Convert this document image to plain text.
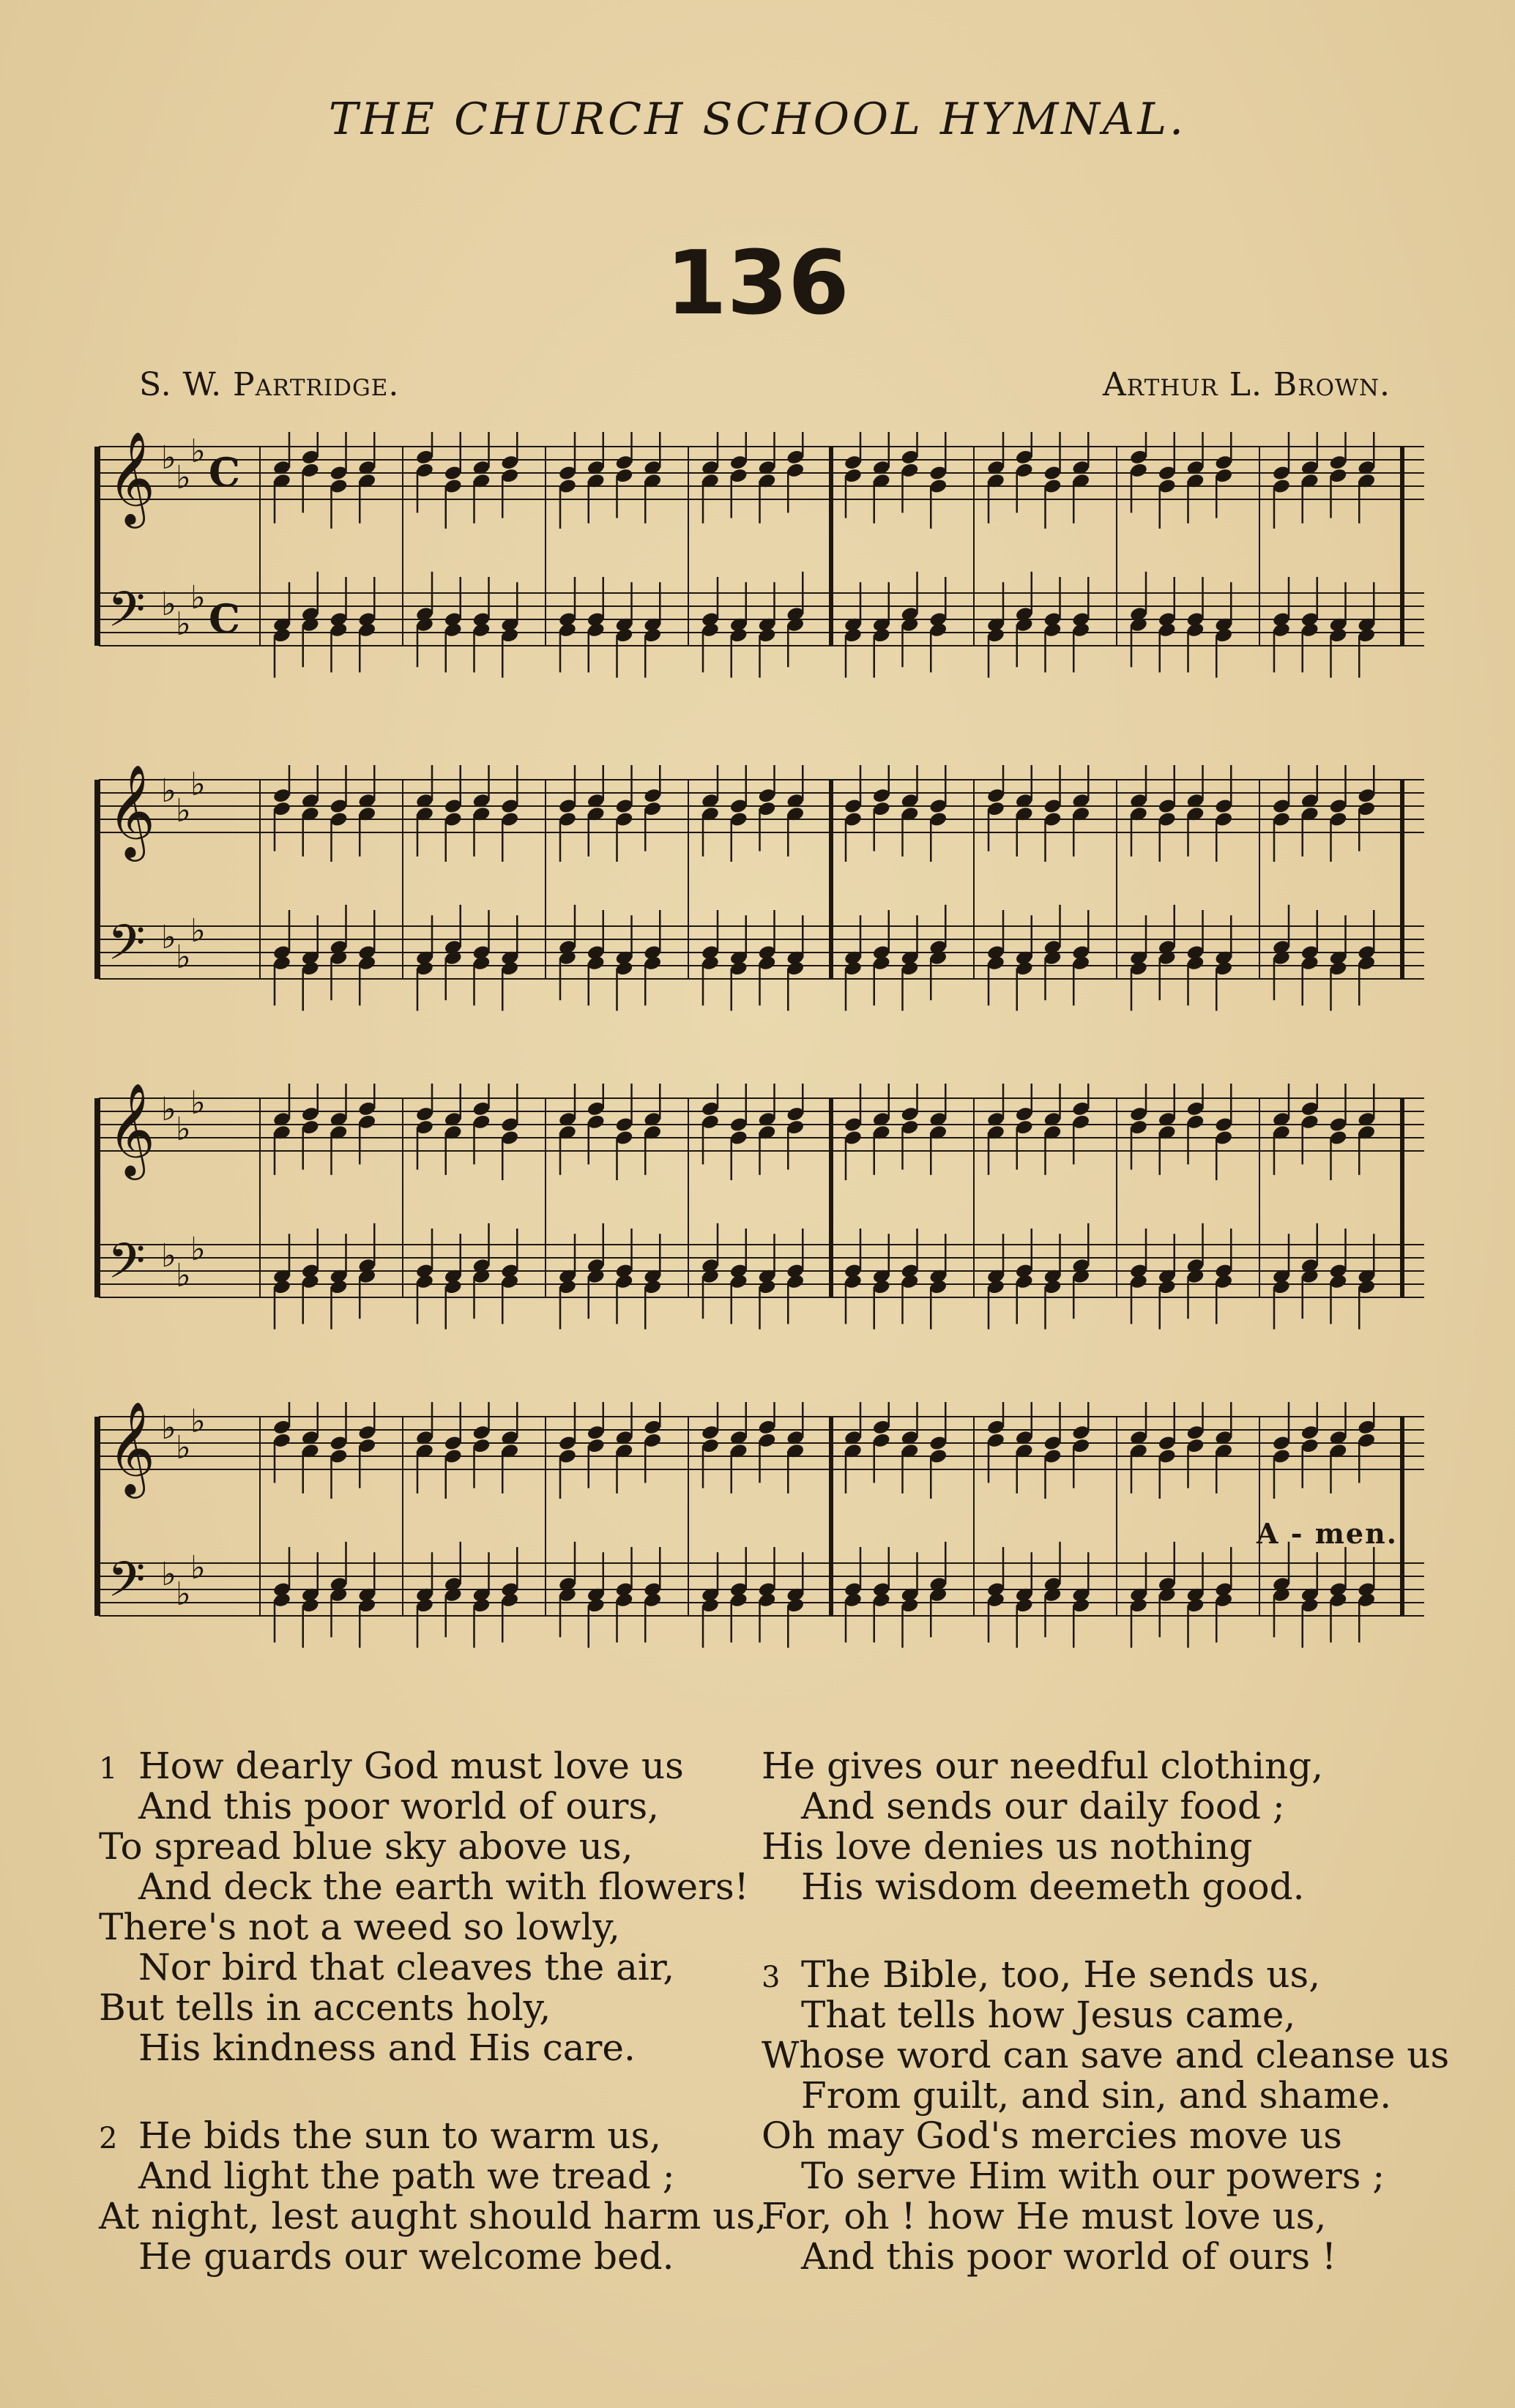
THE CHURCH SCHOOL HYMNAL.
136
S. W. Partridge.	Arthur L. Brown.
𝄞
𝄢
♭
♭
♭
♭
♭
♭
C
C
𝄞
𝄢
♭
♭
♭
♭
♭
♭
𝄞
𝄢
♭
♭
♭
♭
♭
♭
𝄞
𝄢
♭
♭
♭
♭
♭
♭
A - men.
1 How dearly God must love us
And this poor world of ours,
To spread blue sky above us,
And deck the earth with flowers!
There's not a weed so lowly,
Nor bird that cleaves the air,
But tells in accents holy,
His kindness and His care.
2 He bids the sun to warm us,
And light the path we tread ;
At night, lest aught should harm us,
He guards our welcome bed.
He gives our needful clothing,
And sends our daily food ;
His love denies us nothing
His wisdom deemeth good.
3 The Bible, too, He sends us,
That tells how Jesus came,
Whose word can save and cleanse us
From guilt, and sin, and shame.
Oh may God's mercies move us
To serve Him with our powers ;
For, oh ! how He must love us,
And this poor world of ours !
